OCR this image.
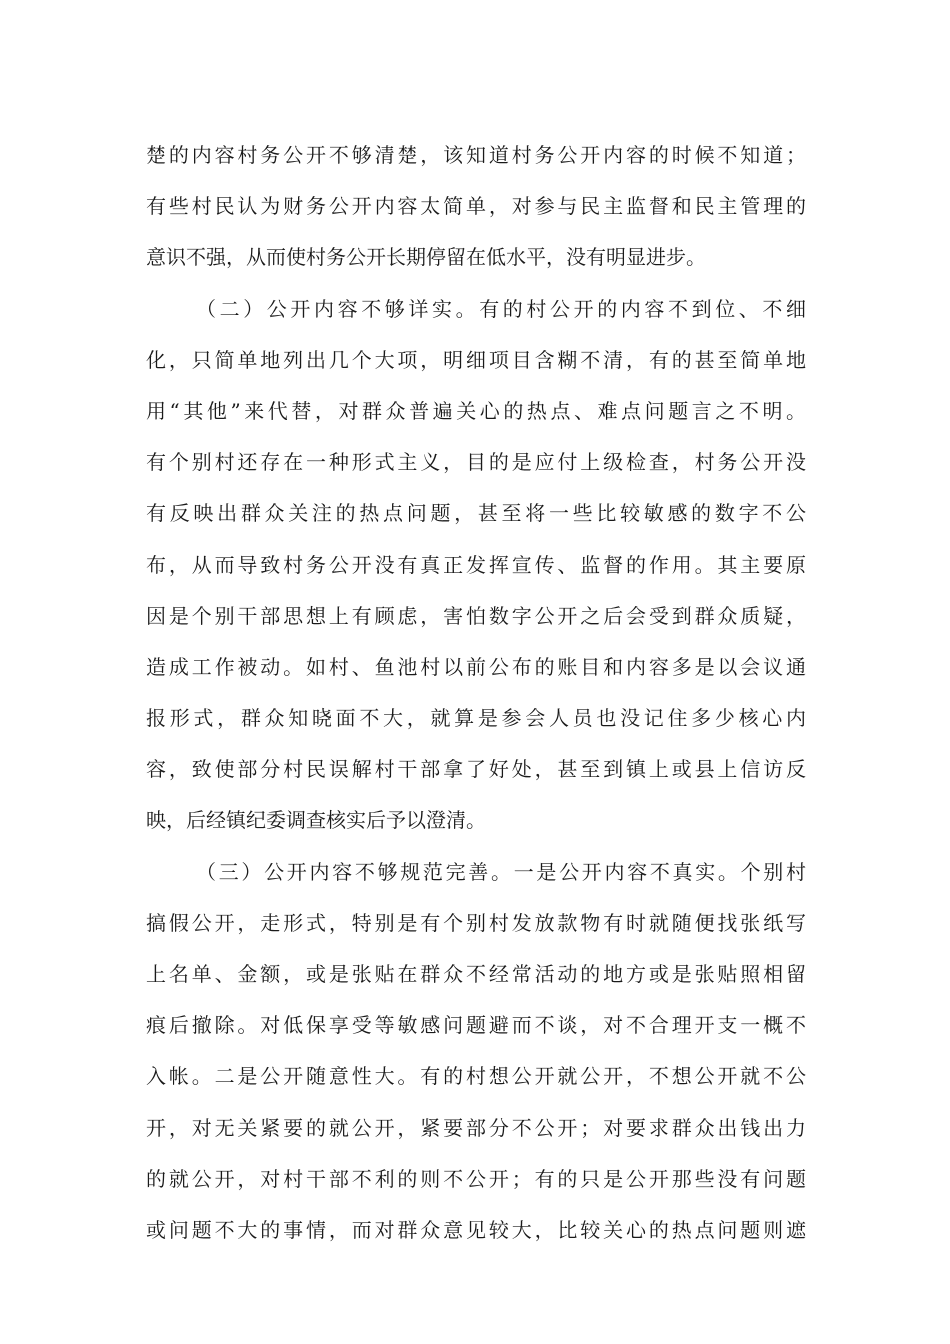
楚的内容村务公开不够清楚，该知道村务公开内容的时候不知道；
有些村民认为财务公开内容太简单，对参与民主监督和民主管理的
意识不强，从而使村务公开长期停留在低水平，没有明显进步。
（二）公开内容不够详实。有的村公开的内容不到位、不细
化，只简单地列出几个大项，明细项目含糊不清，有的甚至简单地
用“其他”来代替，对群众普遍关心的热点、难点问题言之不明。
有个别村还存在一种形式主义，目的是应付上级检查，村务公开没
有反映出群众关注的热点问题，甚至将一些比较敏感的数字不公
布，从而导致村务公开没有真正发挥宣传、监督的作用。其主要原
因是个别干部思想上有顾虑，害怕数字公开之后会受到群众质疑，
造成工作被动。如村、鱼池村以前公布的账目和内容多是以会议通
报形式，群众知晓面不大，就算是参会人员也没记住多少核心内
容，致使部分村民误解村干部拿了好处，甚至到镇上或县上信访反
映，后经镇纪委调查核实后予以澄清。
（三）公开内容不够规范完善。一是公开内容不真实。个别村
搞假公开，走形式，特别是有个别村发放款物有时就随便找张纸写
上名单、金额，或是张贴在群众不经常活动的地方或是张贴照相留
痕后撤除。对低保享受等敏感问题避而不谈，对不合理开支一概不
入帐。二是公开随意性大。有的村想公开就公开，不想公开就不公
开，对无关紧要的就公开，紧要部分不公开；对要求群众出钱出力
的就公开，对村干部不利的则不公开；有的只是公开那些没有问题
或问题不大的事情，而对群众意见较大，比较关心的热点问题则遮
